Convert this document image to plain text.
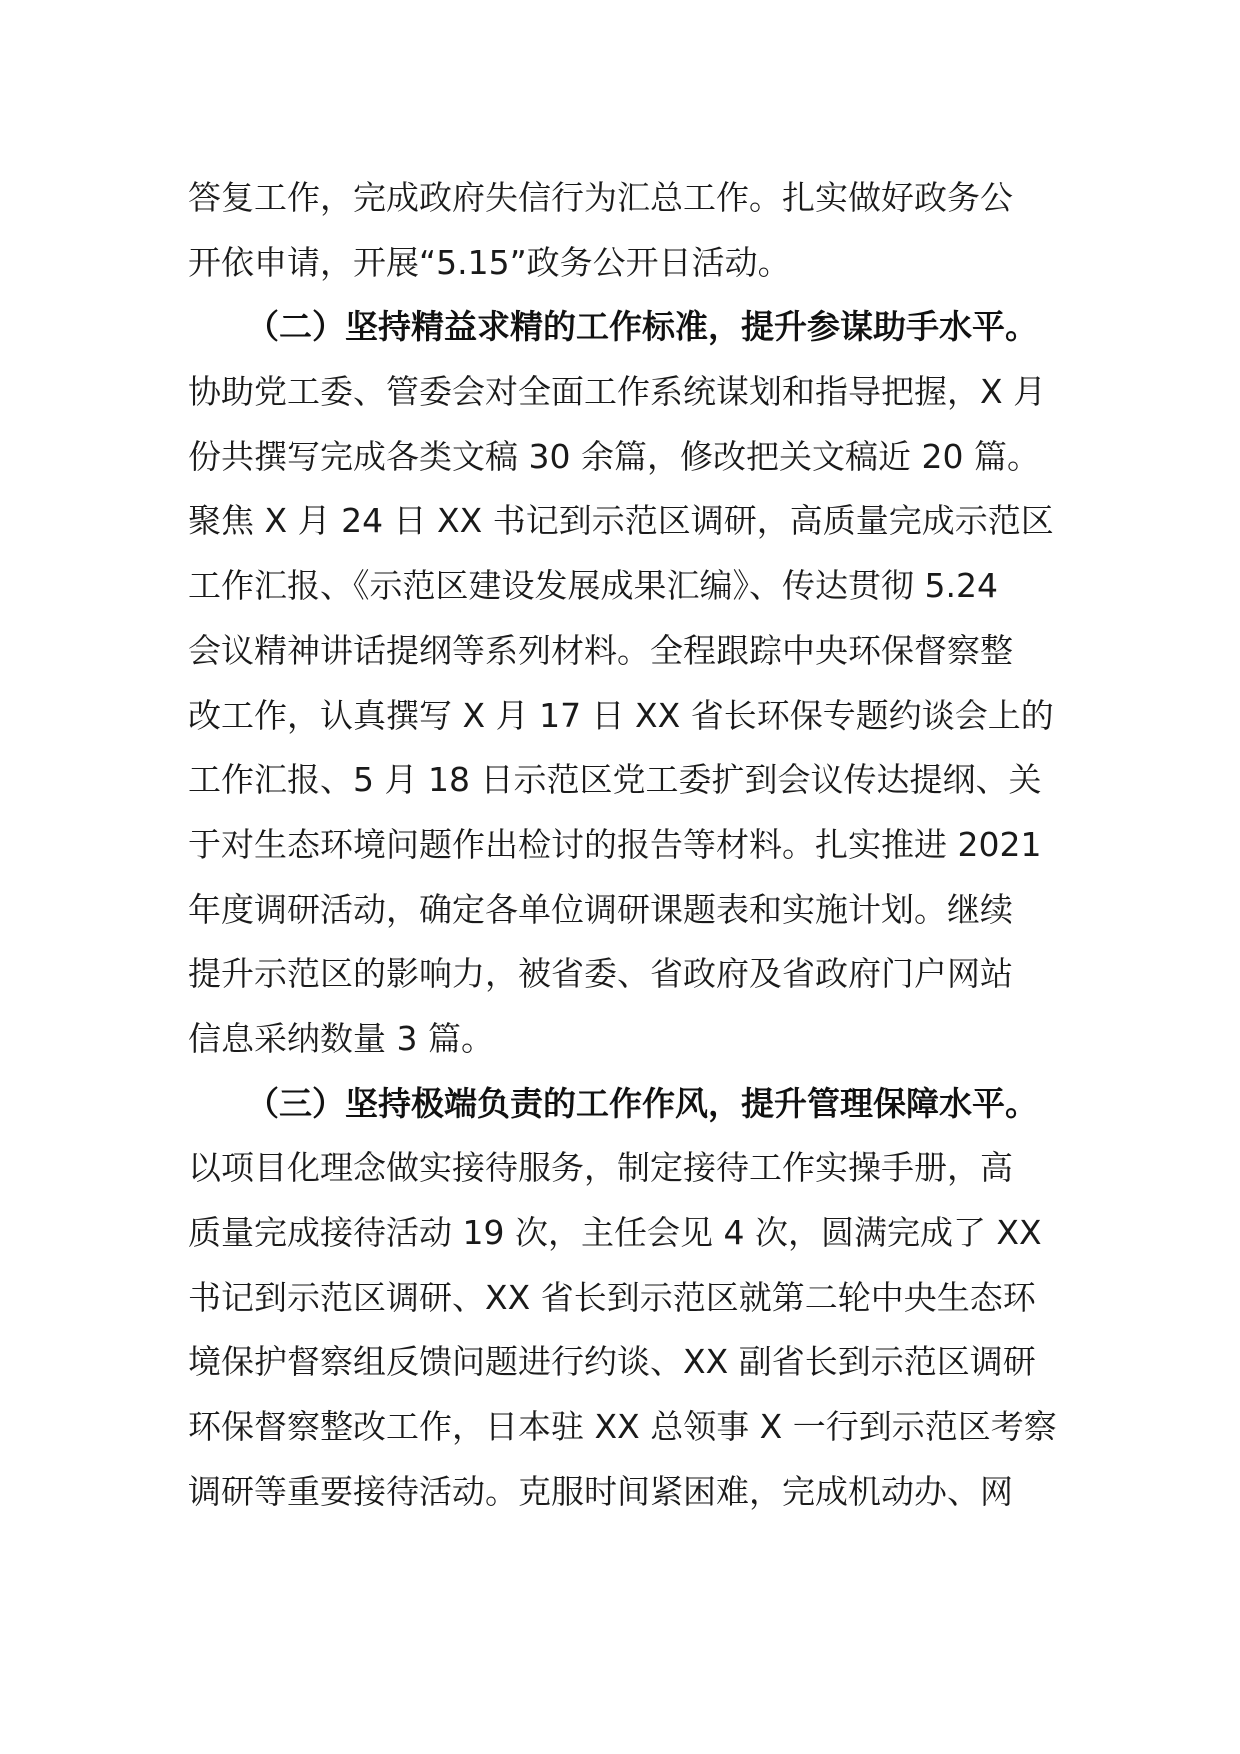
答复工作，完成政府失信行为汇总工作。扎实做好政务公
开依申请，开展“5.15”政务公开日活动。
（二）坚持精益求精的工作标准，提升参谋助手水平。
协助党工委、管委会对全面工作系统谋划和指导把握，X 月
份共撰写完成各类文稿 30 余篇，修改把关文稿近 20 篇。
聚焦 X 月 24 日 XX 书记到示范区调研，高质量完成示范区
工作汇报、《示范区建设发展成果汇编》、传达贯彻 5.24
会议精神讲话提纲等系列材料。全程跟踪中央环保督察整
改工作，认真撰写 X 月 17 日 XX 省长环保专题约谈会上的
工作汇报、5 月 18 日示范区党工委扩到会议传达提纲、关
于对生态环境问题作出检讨的报告等材料。扎实推进 2021
年度调研活动，确定各单位调研课题表和实施计划。继续
提升示范区的影响力，被省委、省政府及省政府门户网站
信息采纳数量 3 篇。
（三）坚持极端负责的工作作风，提升管理保障水平。
以项目化理念做实接待服务，制定接待工作实操手册，高
质量完成接待活动 19 次，主任会见 4 次，圆满完成了 XX
书记到示范区调研、XX 省长到示范区就第二轮中央生态环
境保护督察组反馈问题进行约谈、XX 副省长到示范区调研
环保督察整改工作，日本驻 XX 总领事 X 一行到示范区考察
调研等重要接待活动。克服时间紧困难，完成机动办、网
